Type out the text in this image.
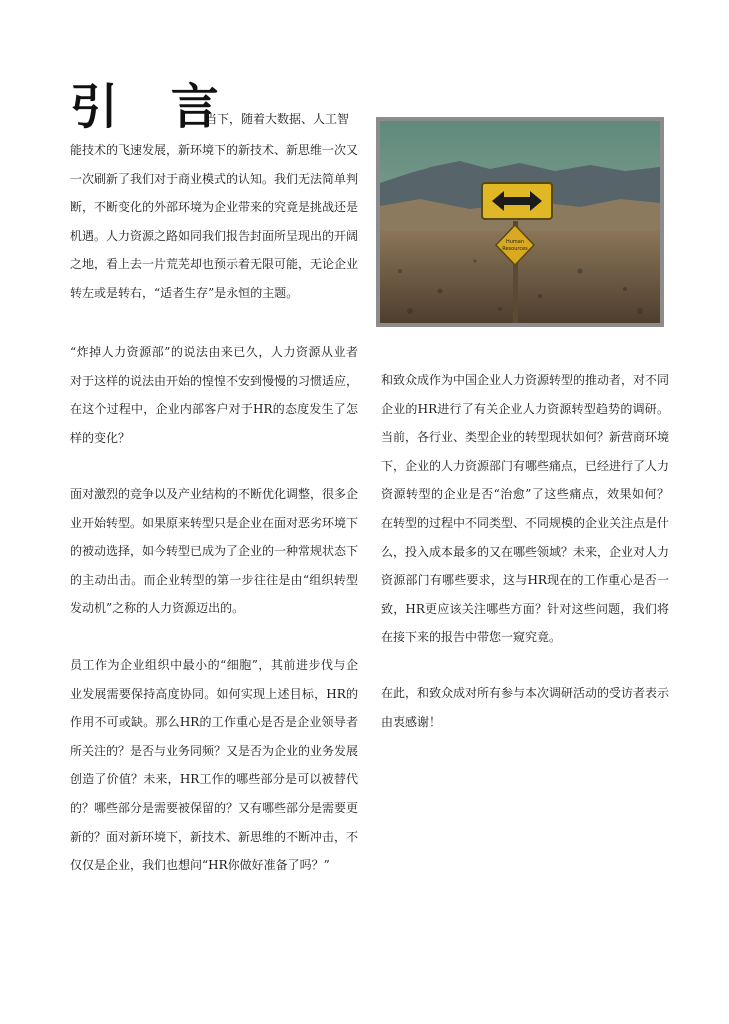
引 言
当下，随着大数据、人工智
能技术的飞速发展，新环境下的新技术、新思维一次又一次刷新了我们对于商业模式的认知。我们无法简单判断，不断变化的外部环境为企业带来的究竟是挑战还是机遇。人力资源之路如同我们报告封面所呈现出的开阔之地，看上去一片荒芜却也预示着无限可能，无论企业转左或是转右，“适者生存”是永恒的主题。
“炸掉人力资源部”的说法由来已久，人力资源从业者对于这样的说法由开始的惶惶不安到慢慢的习惯适应，在这个过程中，企业内部客户对于HR的态度发生了怎样的变化？
面对激烈的竞争以及产业结构的不断优化调整，很多企业开始转型。如果原来转型只是企业在面对恶劣环境下的被动选择，如今转型已成为了企业的一种常规状态下的主动出击。而企业转型的第一步往往是由“组织转型发动机”之称的人力资源迈出的。
员工作为企业组织中最小的“细胞”，其前进步伐与企业发展需要保持高度协同。如何实现上述目标，HR的作用不可或缺。那么HR的工作重心是否是企业领导者所关注的？是否与业务同频？又是否为企业的业务发展创造了价值？未来，HR工作的哪些部分是可以被替代的？哪些部分是需要被保留的？又有哪些部分是需要更新的？面对新环境下，新技术、新思维的不断冲击，不仅仅是企业，我们也想问“HR你做好准备了吗？”
和致众成作为中国企业人力资源转型的推动者，对不同企业的HR进行了有关企业人力资源转型趋势的调研。当前，各行业、类型企业的转型现状如何？新营商环境下，企业的人力资源部门有哪些痛点，已经进行了人力资源转型的企业是否“治愈”了这些痛点，效果如何？在转型的过程中不同类型、不同规模的企业关注点是什么，投入成本最多的又在哪些领域？未来，企业对人力资源部门有哪些要求，这与HR现在的工作重心是否一致，HR更应该关注哪些方面？针对这些问题，我们将在接下来的报告中带您一窥究竟。
在此，和致众成对所有参与本次调研活动的受访者表示由衷感谢！
Human
Resources
